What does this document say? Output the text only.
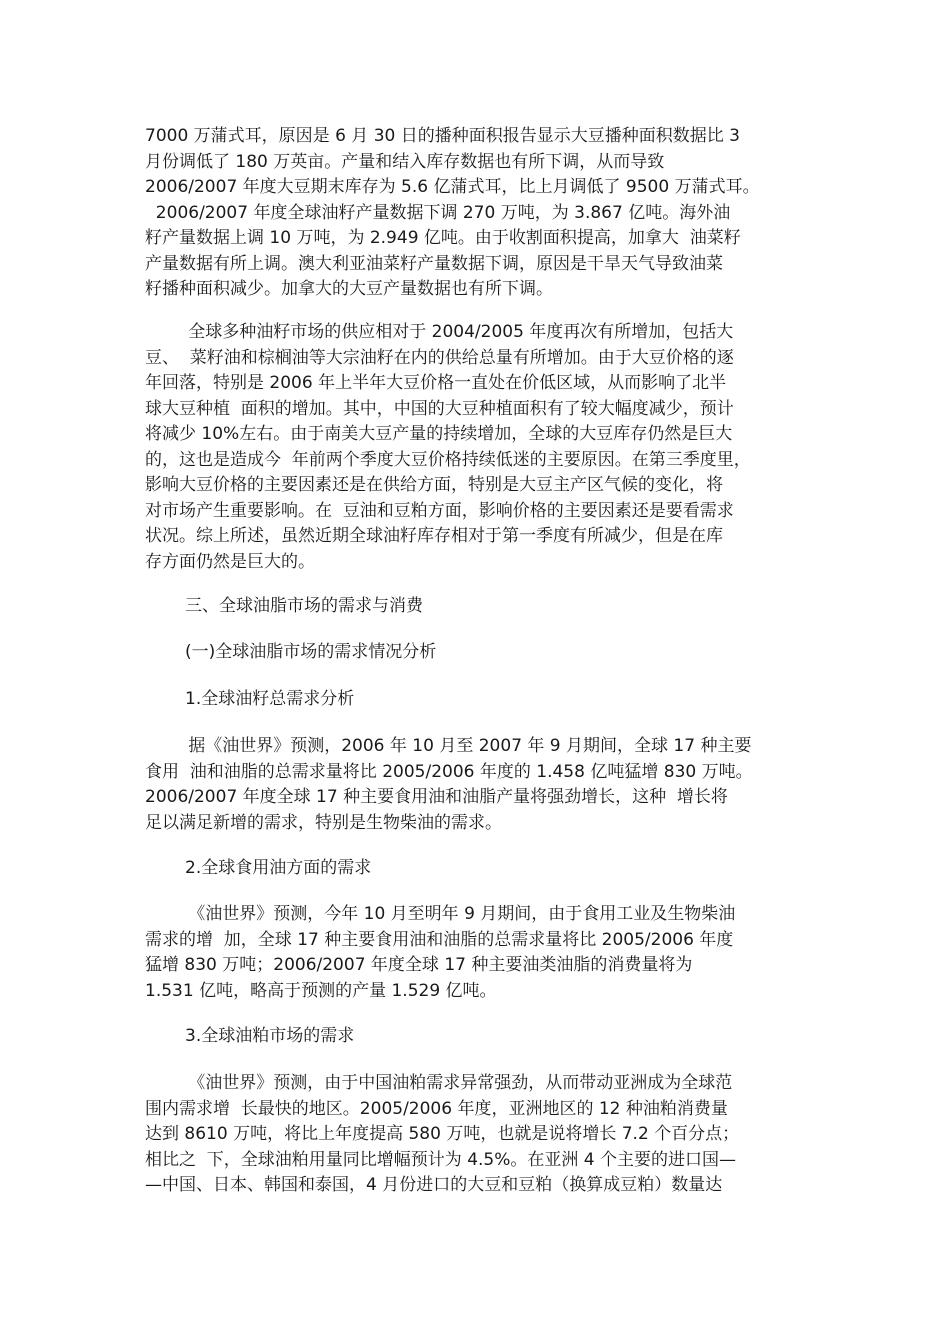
7000 万蒲式耳，原因是 6 月 30 日的播种面积报告显示大豆播种面积数据比 3
月份调低了 180 万英亩。产量和结入库存数据也有所下调，从而导致
2006/2007 年度大豆期末库存为 5.6 亿蒲式耳，比上月调低了 9500 万蒲式耳。
2006/2007 年度全球油籽产量数据下调 270 万吨，为 3.867 亿吨。海外油
籽产量数据上调 10 万吨，为 2.949 亿吨。由于收割面积提高，加拿大  油菜籽
产量数据有所上调。澳大利亚油菜籽产量数据下调，原因是干旱天气导致油菜
籽播种面积减少。加拿大的大豆产量数据也有所下调。
全球多种油籽市场的供应相对于 2004/2005 年度再次有所增加，包括大
豆、  菜籽油和棕榈油等大宗油籽在内的供给总量有所增加。由于大豆价格的逐
年回落，特别是 2006 年上半年大豆价格一直处在价低区域，从而影响了北半
球大豆种植  面积的增加。其中，中国的大豆种植面积有了较大幅度减少，预计
将减少 10%左右。由于南美大豆产量的持续增加，全球的大豆库存仍然是巨大
的，这也是造成今  年前两个季度大豆价格持续低迷的主要原因。在第三季度里，
影响大豆价格的主要因素还是在供给方面，特别是大豆主产区气候的变化，将
对市场产生重要影响。在  豆油和豆粕方面，影响价格的主要因素还是要看需求
状况。综上所述，虽然近期全球油籽库存相对于第一季度有所减少，但是在库
存方面仍然是巨大的。
三、全球油脂市场的需求与消费
(一)全球油脂市场的需求情况分析
1.全球油籽总需求分析
据《油世界》预测，2006 年 10 月至 2007 年 9 月期间，全球 17 种主要
食用  油和油脂的总需求量将比 2005/2006 年度的 1.458 亿吨猛增 830 万吨。
2006/2007 年度全球 17 种主要食用油和油脂产量将强劲增长，这种  增长将
足以满足新增的需求，特别是生物柴油的需求。
2.全球食用油方面的需求
《油世界》预测，今年 10 月至明年 9 月期间，由于食用工业及生物柴油
需求的增  加，全球 17 种主要食用油和油脂的总需求量将比 2005/2006 年度
猛增 830 万吨；2006/2007 年度全球 17 种主要油类油脂的消费量将为
1.531 亿吨，略高于预测的产量 1.529 亿吨。
3.全球油粕市场的需求
《油世界》预测，由于中国油粕需求异常强劲，从而带动亚洲成为全球范
围内需求增  长最快的地区。2005/2006 年度，亚洲地区的 12 种油粕消费量
达到 8610 万吨，将比上年度提高 580 万吨，也就是说将增长 7.2 个百分点；
相比之  下，全球油粕用量同比增幅预计为 4.5%。在亚洲 4 个主要的进口国—
—中国、日本、韩国和泰国，4 月份进口的大豆和豆粕（换算成豆粕）数量达
